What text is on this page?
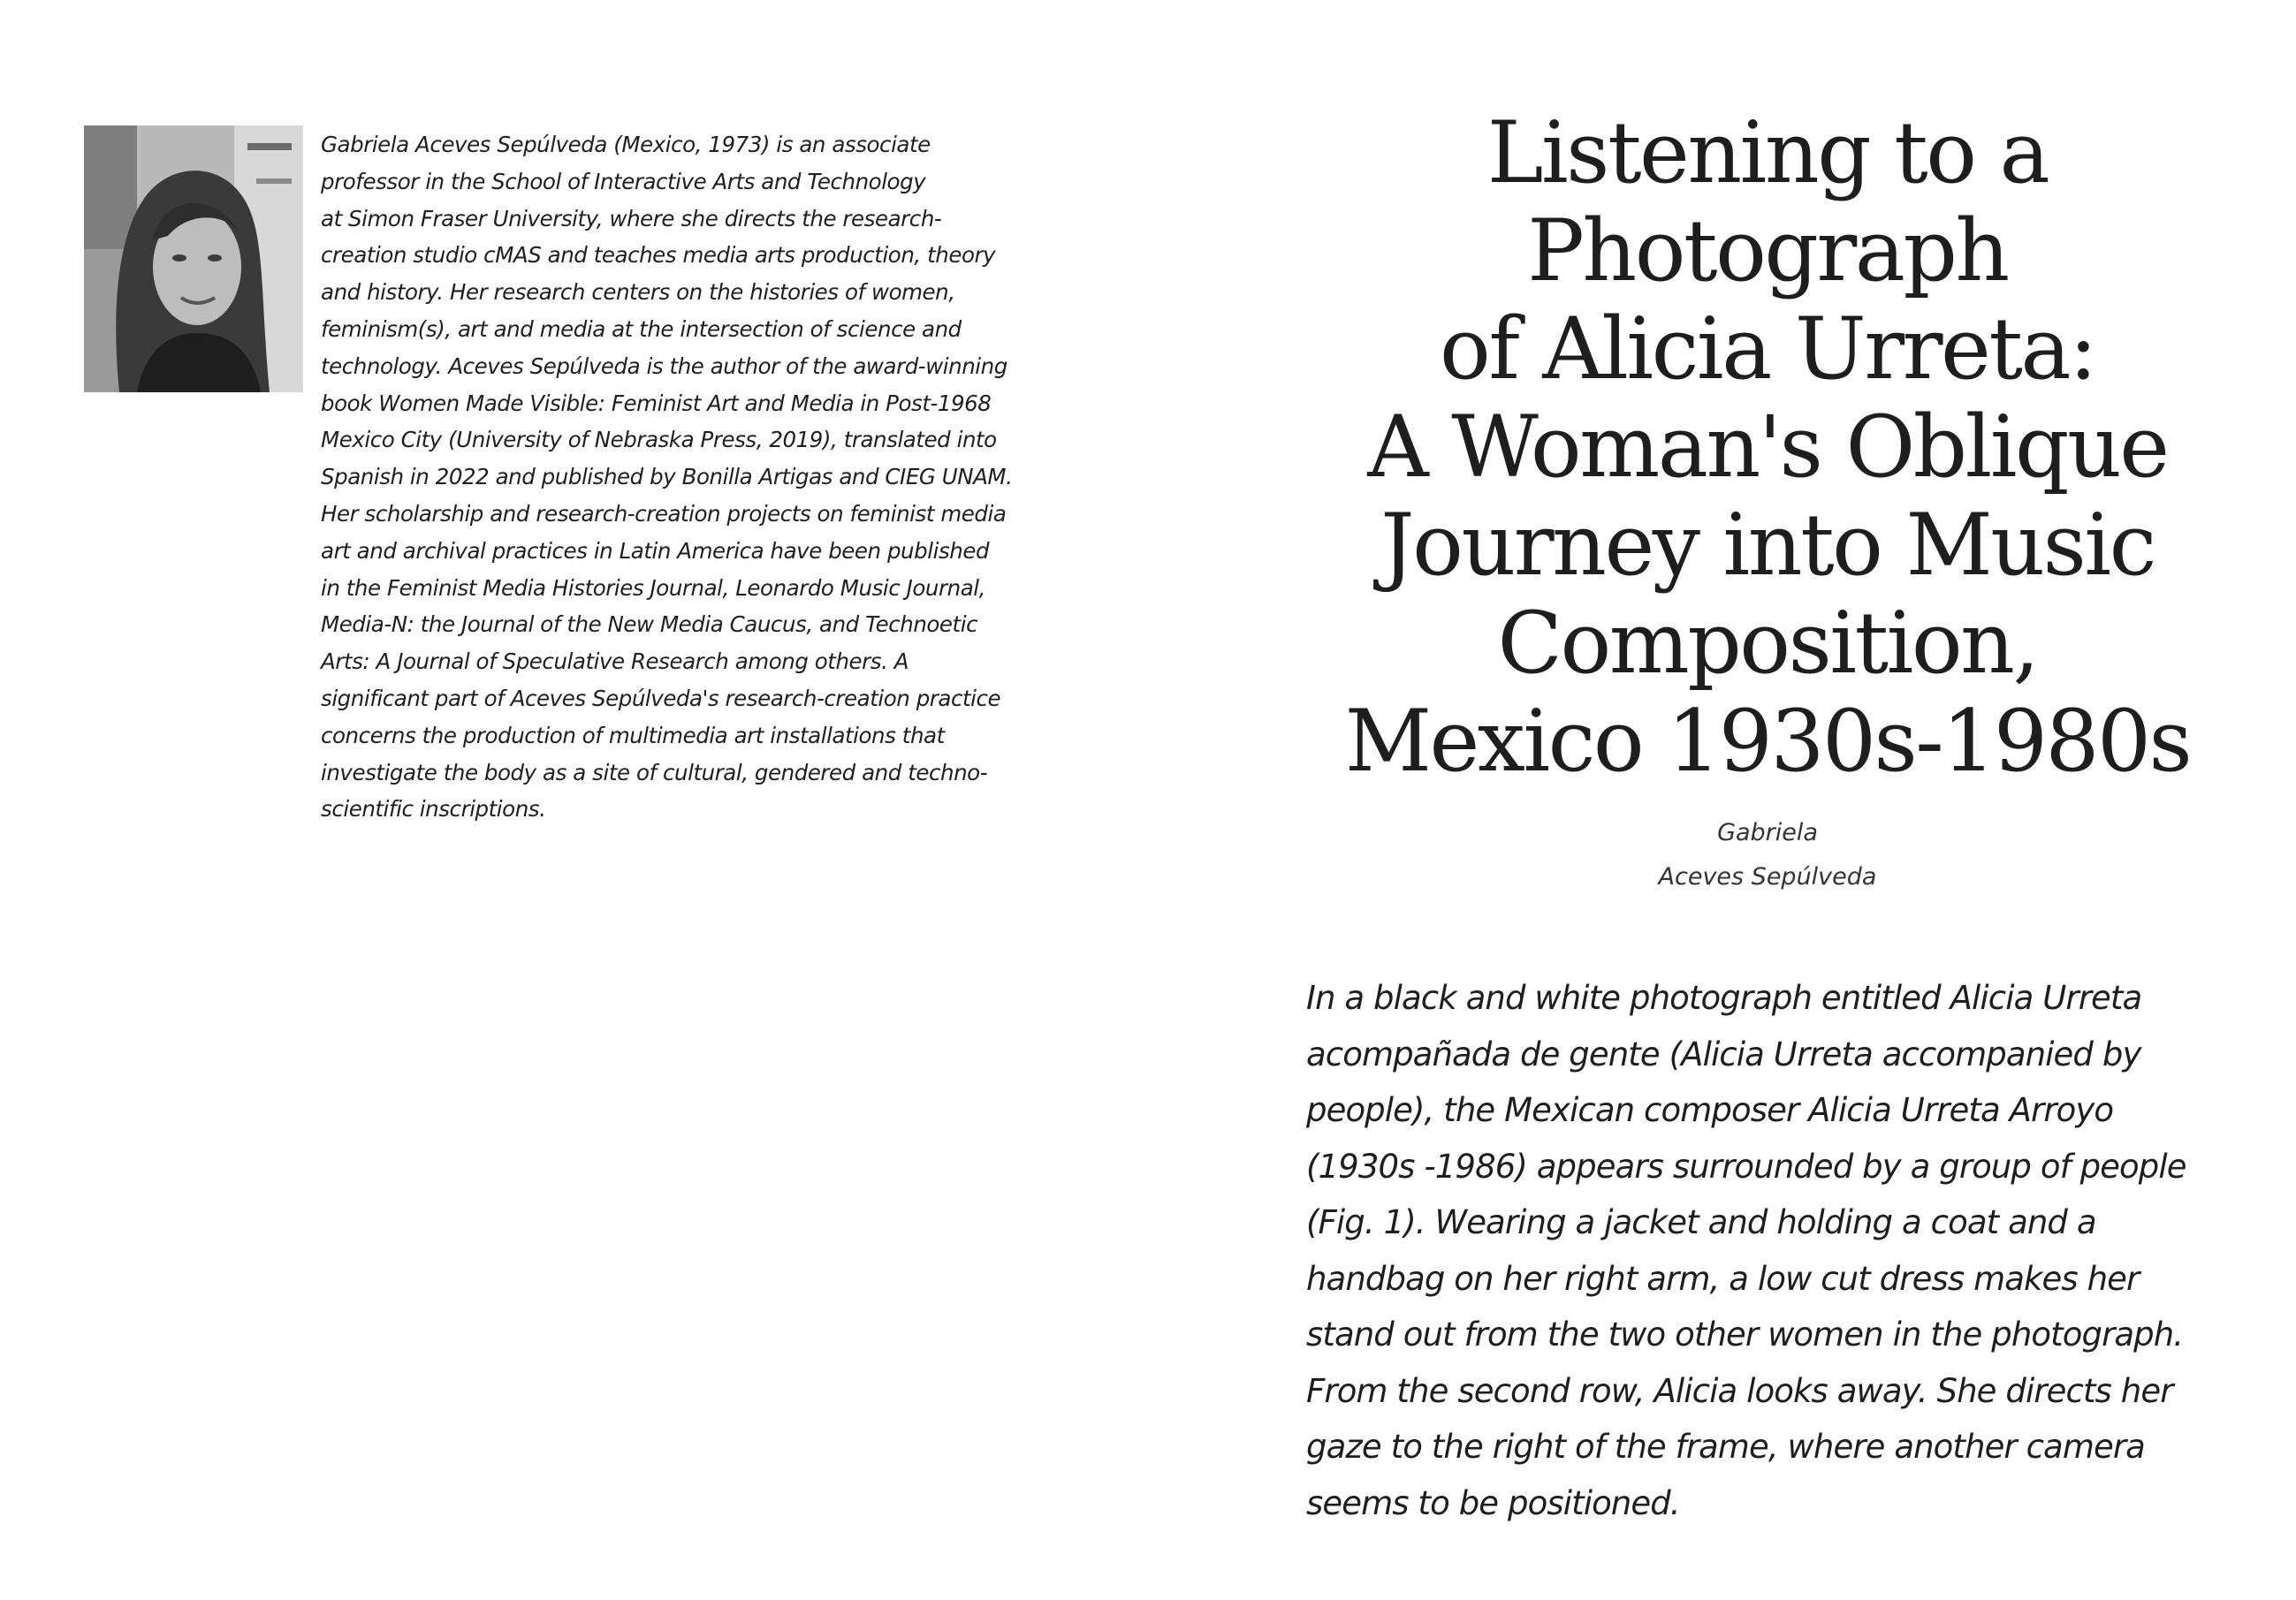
Gabriela Aceves Sepúlveda (Mexico, 1973) is an associate
professor in the School of Interactive Arts and Technology
at Simon Fraser University, where she directs the research-
creation studio cMAS and teaches media arts production, theory
and history. Her research centers on the histories of women,
feminism(s), art and media at the intersection of science and
technology. Aceves Sepúlveda is the author of the award-winning
book Women Made Visible: Feminist Art and Media in Post-1968
Mexico City (University of Nebraska Press, 2019), translated into
Spanish in 2022 and published by Bonilla Artigas and CIEG UNAM.
Her scholarship and research-creation projects on feminist media
art and archival practices in Latin America have been published
in the Feminist Media Histories Journal, Leonardo Music Journal,
Media-N: the Journal of the New Media Caucus, and Technoetic
Arts: A Journal of Speculative Research among others. A
significant part of Aceves Sepúlveda's research-creation practice
concerns the production of multimedia art installations that
investigate the body as a site of cultural, gendered and techno-
scientific inscriptions.
Listening to a
Photograph
of Alicia Urreta:
A Woman's Oblique
Journey into Music
Composition,
Mexico 1930s-1980s
Gabriela
Aceves Sepúlveda
In a black and white photograph entitled Alicia Urreta
acompañada de gente (Alicia Urreta accompanied by
people), the Mexican composer Alicia Urreta Arroyo
(1930s -1986) appears surrounded by a group of people
(Fig. 1). Wearing a jacket and holding a coat and a
handbag on her right arm, a low cut dress makes her
stand out from the two other women in the photograph.
From the second row, Alicia looks away. She directs her
gaze to the right of the frame, where another camera
seems to be positioned.
